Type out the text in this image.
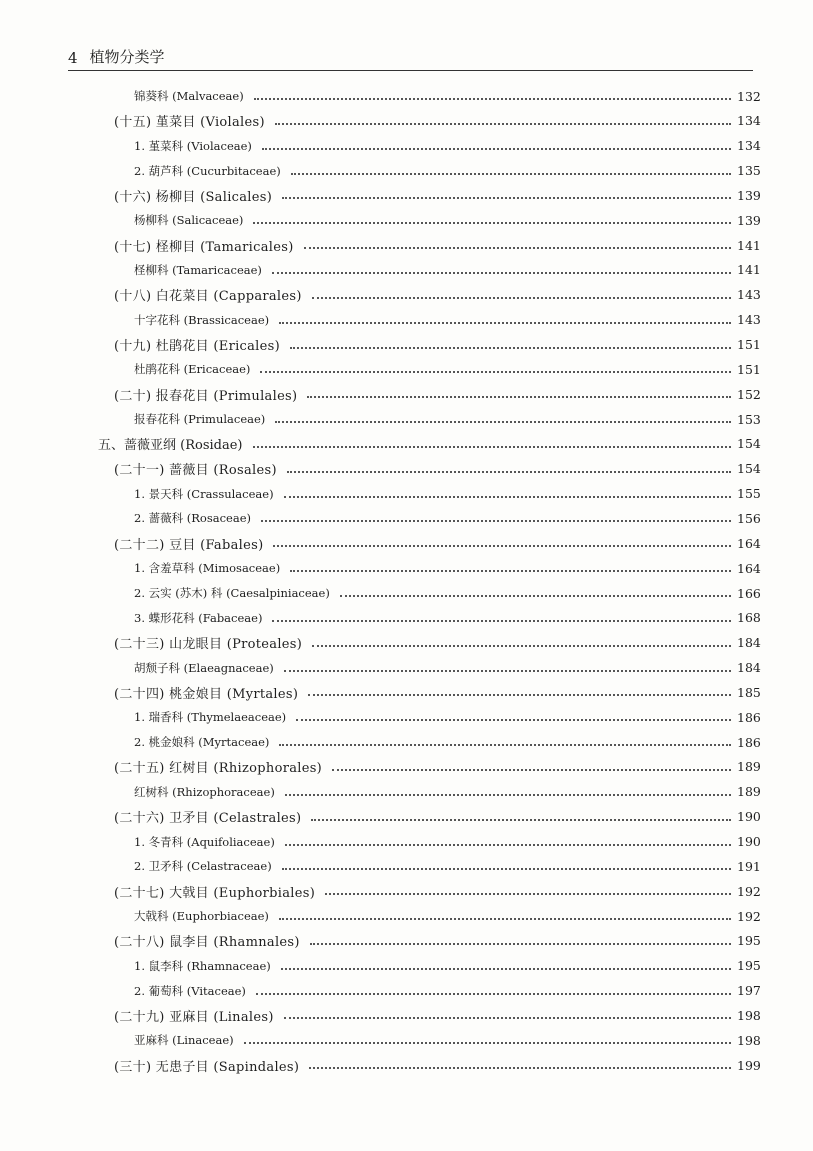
4 植物分类学
锦葵科 (Malvaceae)	132
(十五) 堇菜目 (Violales)	134
1. 堇菜科 (Violaceae)	134
2. 葫芦科 (Cucurbitaceae)	135
(十六) 杨柳目 (Salicales)	139
杨柳科 (Salicaceae)	139
(十七) 柽柳目 (Tamaricales)	141
柽柳科 (Tamaricaceae)	141
(十八) 白花菜目 (Capparales)	143
十字花科 (Brassicaceae)	143
(十九) 杜鹃花目 (Ericales)	151
杜鹃花科 (Ericaceae)	151
(二十) 报春花目 (Primulales)	152
报春花科 (Primulaceae)	153
五、蔷薇亚纲 (Rosidae)	154
(二十一) 蔷薇目 (Rosales)	154
1. 景天科 (Crassulaceae)	155
2. 蔷薇科 (Rosaceae)	156
(二十二) 豆目 (Fabales)	164
1. 含羞草科 (Mimosaceae)	164
2. 云实 (苏木) 科 (Caesalpiniaceae)	166
3. 蝶形花科 (Fabaceae)	168
(二十三) 山龙眼目 (Proteales)	184
胡颓子科 (Elaeagnaceae)	184
(二十四) 桃金娘目 (Myrtales)	185
1. 瑞香科 (Thymelaeaceae)	186
2. 桃金娘科 (Myrtaceae)	186
(二十五) 红树目 (Rhizophorales)	189
红树科 (Rhizophoraceae)	189
(二十六) 卫矛目 (Celastrales)	190
1. 冬青科 (Aquifoliaceae)	190
2. 卫矛科 (Celastraceae)	191
(二十七) 大戟目 (Euphorbiales)	192
大戟科 (Euphorbiaceae)	192
(二十八) 鼠李目 (Rhamnales)	195
1. 鼠李科 (Rhamnaceae)	195
2. 葡萄科 (Vitaceae)	197
(二十九) 亚麻目 (Linales)	198
亚麻科 (Linaceae)	198
(三十) 无患子目 (Sapindales)	199
